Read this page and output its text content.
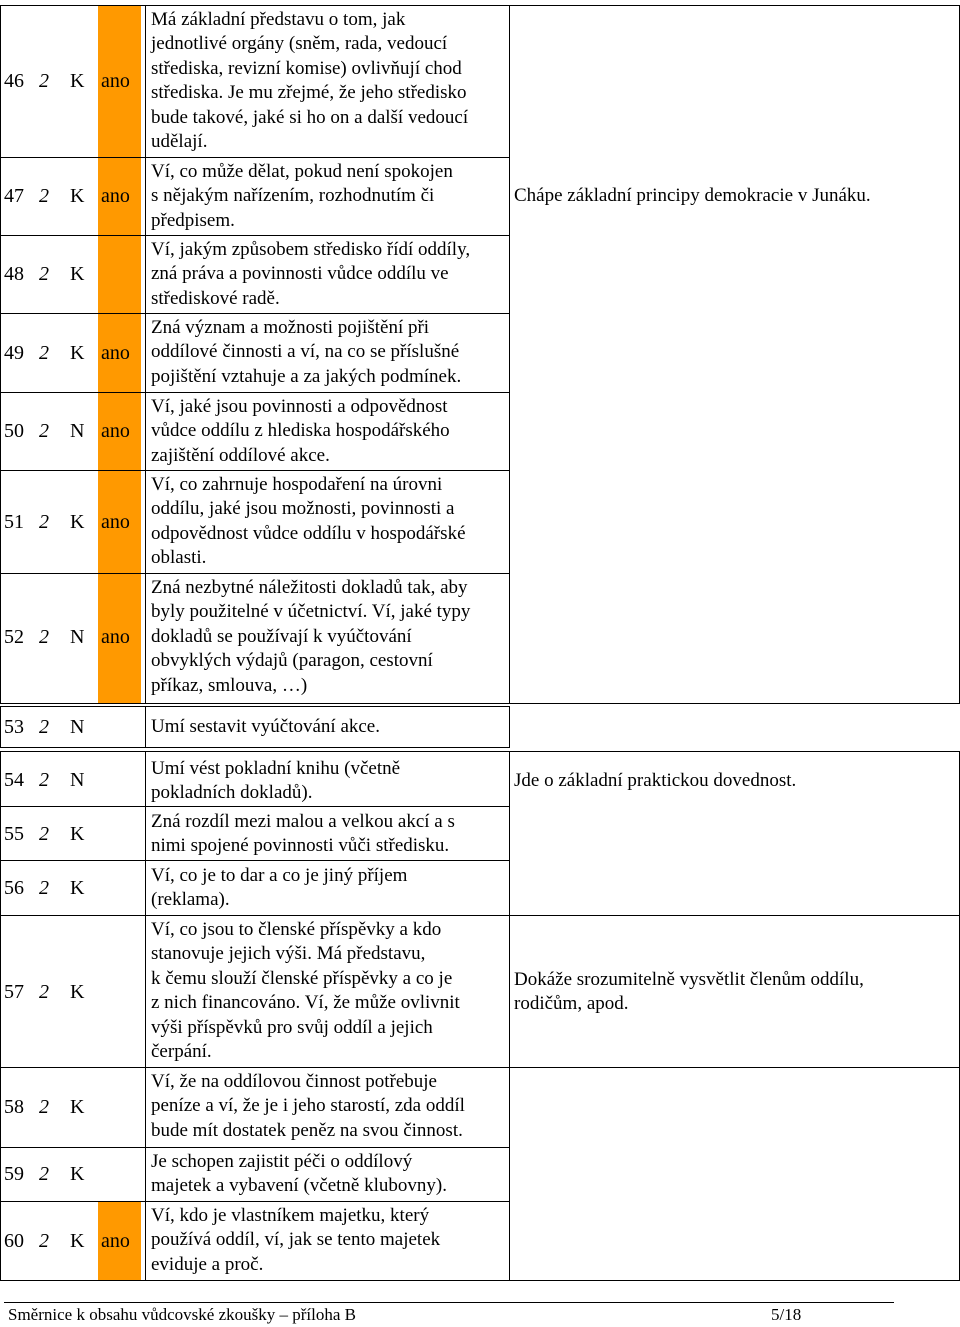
46 2 K ano
Má základní představu o tom, jak
jednotlivé orgány (sněm, rada, vedoucí
střediska, revizní komise) ovlivňují chod
střediska. Je mu zřejmé, že jeho středisko
bude takové, jaké si ho on a další vedoucí
udělají.
47 2 K ano
Ví, co může dělat, pokud není spokojen
s nějakým nařízením, rozhodnutím či
předpisem.
48 2 K
Ví, jakým způsobem středisko řídí oddíly,
zná práva a povinnosti vůdce oddílu ve
střediskové radě.
49 2 K ano
Zná význam a možnosti pojištění při
oddílové činnosti a ví, na co se příslušné
pojištění vztahuje a za jakých podmínek.
50 2 N ano
Ví, jaké jsou povinnosti a odpovědnost
vůdce oddílu z hlediska hospodářského
zajištění oddílové akce.
51 2 K ano
Ví, co zahrnuje hospodaření na úrovni
oddílu, jaké jsou možnosti, povinnosti a
odpovědnost vůdce oddílu v hospodářské
oblasti.
52 2 N ano
Zná nezbytné náležitosti dokladů tak, aby
byly použitelné v účetnictví. Ví, jaké typy
dokladů se používají k vyúčtování
obvyklých výdajů (paragon, cestovní
příkaz, smlouva, …)
53 2 N	Umí sestavit vyúčtování akce.
54 2 N
Umí vést pokladní knihu (včetně
pokladních dokladů).
55 2 K
Zná rozdíl mezi malou a velkou akcí a s
nimi spojené povinnosti vůči středisku.
56 2 K
Ví, co je to dar a co je jiný příjem
(reklama).
57 2 K
Ví, co jsou to členské příspěvky a kdo
stanovuje jejich výši. Má představu,
k čemu slouží členské příspěvky a co je
z nich financováno. Ví, že může ovlivnit
výši příspěvků pro svůj oddíl a jejich
čerpání.
58 2 K
Ví, že na oddílovou činnost potřebuje
peníze a ví, že je i jeho starostí, zda oddíl
bude mít dostatek peněz na svou činnost.
59 2 K
Je schopen zajistit péči o oddílový
majetek a vybavení (včetně klubovny).
60 2 K ano
Ví, kdo je vlastníkem majetku, který
používá oddíl, ví, jak se tento majetek
eviduje a proč.
Chápe základní principy demokracie v Junáku.
Jde o základní praktickou dovednost.
Dokáže srozumitelně vysvětlit členům oddílu,
rodičům, apod.
Směrnice k obsahu vůdcovské zkoušky – příloha B	5/18
